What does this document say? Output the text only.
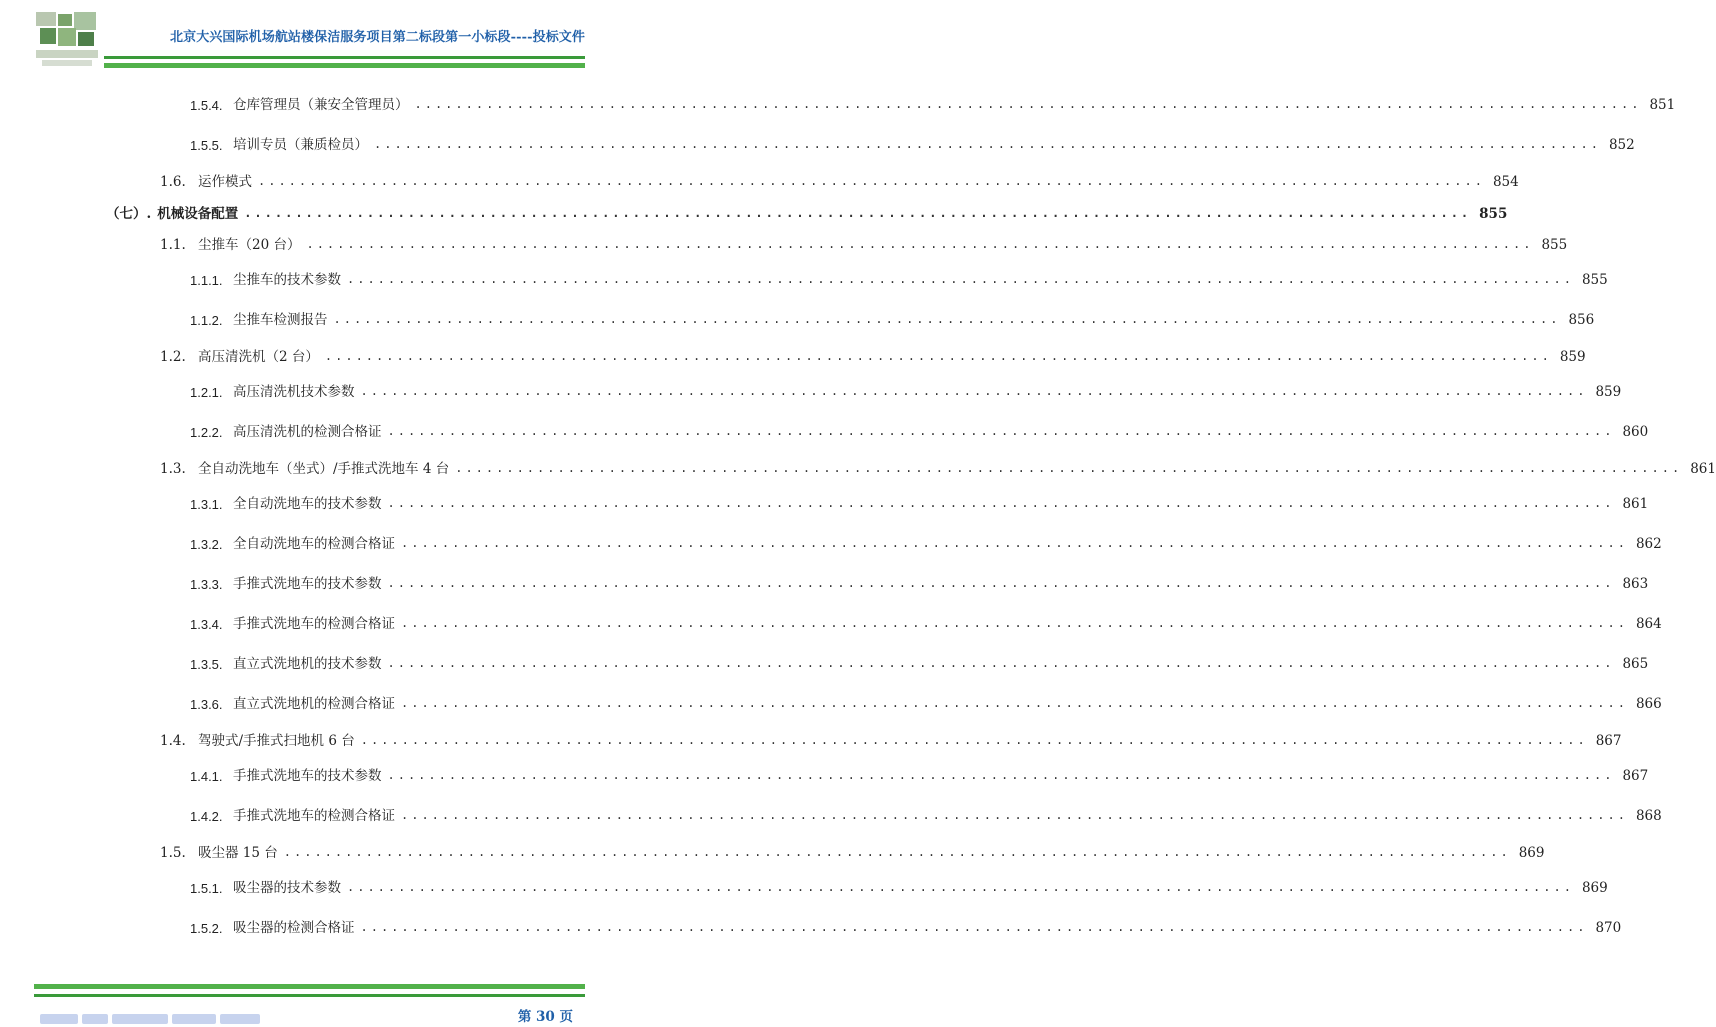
北京大兴国际机场航站楼保洁服务项目第二标段第一小标段----投标文件
1.5.4. 仓库管理员（兼安全管理员） ........................................................................................................................ 851
1.5.5. 培训专员（兼质检员） ........................................................................................................................ 852
1.6. 运作模式 ........................................................................................................................ 854
（七）. 机械设备配置 ........................................................................................................................ 855
1.1. 尘推车（20 台） ........................................................................................................................ 855
1.1.1. 尘推车的技术参数 ........................................................................................................................ 855
1.1.2. 尘推车检测报告 ........................................................................................................................ 856
1.2. 高压清洗机（2 台） ........................................................................................................................ 859
1.2.1. 高压清洗机技术参数 ........................................................................................................................ 859
1.2.2. 高压清洗机的检测合格证 ........................................................................................................................ 860
1.3. 全自动洗地车（坐式）/手推式洗地车 4 台 ........................................................................................................................ 861
1.3.1. 全自动洗地车的技术参数 ........................................................................................................................ 861
1.3.2. 全自动洗地车的检测合格证 ........................................................................................................................ 862
1.3.3. 手推式洗地车的技术参数 ........................................................................................................................ 863
1.3.4. 手推式洗地车的检测合格证 ........................................................................................................................ 864
1.3.5. 直立式洗地机的技术参数 ........................................................................................................................ 865
1.3.6. 直立式洗地机的检测合格证 ........................................................................................................................ 866
1.4. 驾驶式/手推式扫地机 6 台 ........................................................................................................................ 867
1.4.1. 手推式洗地车的技术参数 ........................................................................................................................ 867
1.4.2. 手推式洗地车的检测合格证 ........................................................................................................................ 868
1.5. 吸尘器 15 台 ........................................................................................................................ 869
1.5.1. 吸尘器的技术参数 ........................................................................................................................ 869
1.5.2. 吸尘器的检测合格证 ........................................................................................................................ 870
第 30 页
